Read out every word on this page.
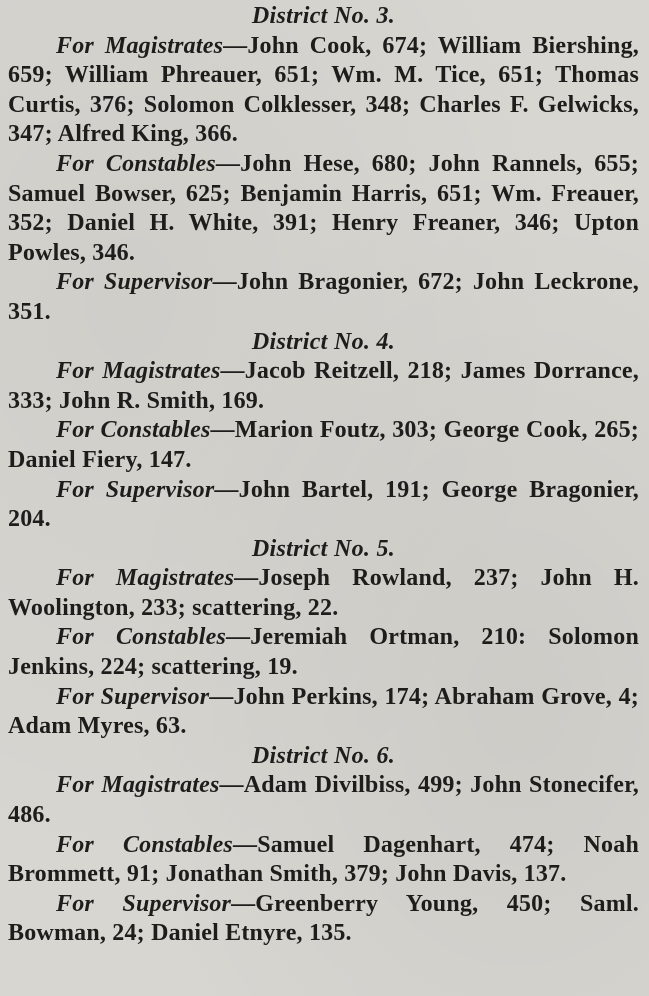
District No. 3.

For Magistrates—John Cook, 674; William Biershing, 659; William Phreauer, 651; Wm. M. Tice, 651; Thomas Curtis, 376; Solomon Colklesser, 348; Charles F. Gelwicks, 347; Alfred King, 366.

For Constables—John Hese, 680; John Rannels, 655; Samuel Bowser, 625; Benjamin Harris, 651; Wm. Freauer, 352; Daniel H. White, 391; Henry Freaner, 346; Upton Powles, 346.

For Supervisor—John Bragonier, 672; John Leckrone, 351.

District No. 4.

For Magistrates—Jacob Reitzell, 218; James Dorrance, 333; John R. Smith, 169.

For Constables—Marion Foutz, 303; George Cook, 265; Daniel Fiery, 147.

For Supervisor—John Bartel, 191; George Bragonier, 204.

District No. 5.

For Magistrates—Joseph Rowland, 237; John H. Woolington, 233; scattering, 22.

For Constables—Jeremiah Ortman, 210: Solomon Jenkins, 224; scattering, 19.

For Supervisor—John Perkins, 174; Abraham Grove, 4; Adam Myres, 63.

District No. 6.

For Magistrates—Adam Divilbiss, 499; John Stonecifer, 486.

For Constables—Samuel Dagenhart, 474; Noah Brommett, 91; Jonathan Smith, 379; John Davis, 137.

For Supervisor—Greenberry Young, 450; Saml. Bowman, 24; Daniel Etnyre, 135.
